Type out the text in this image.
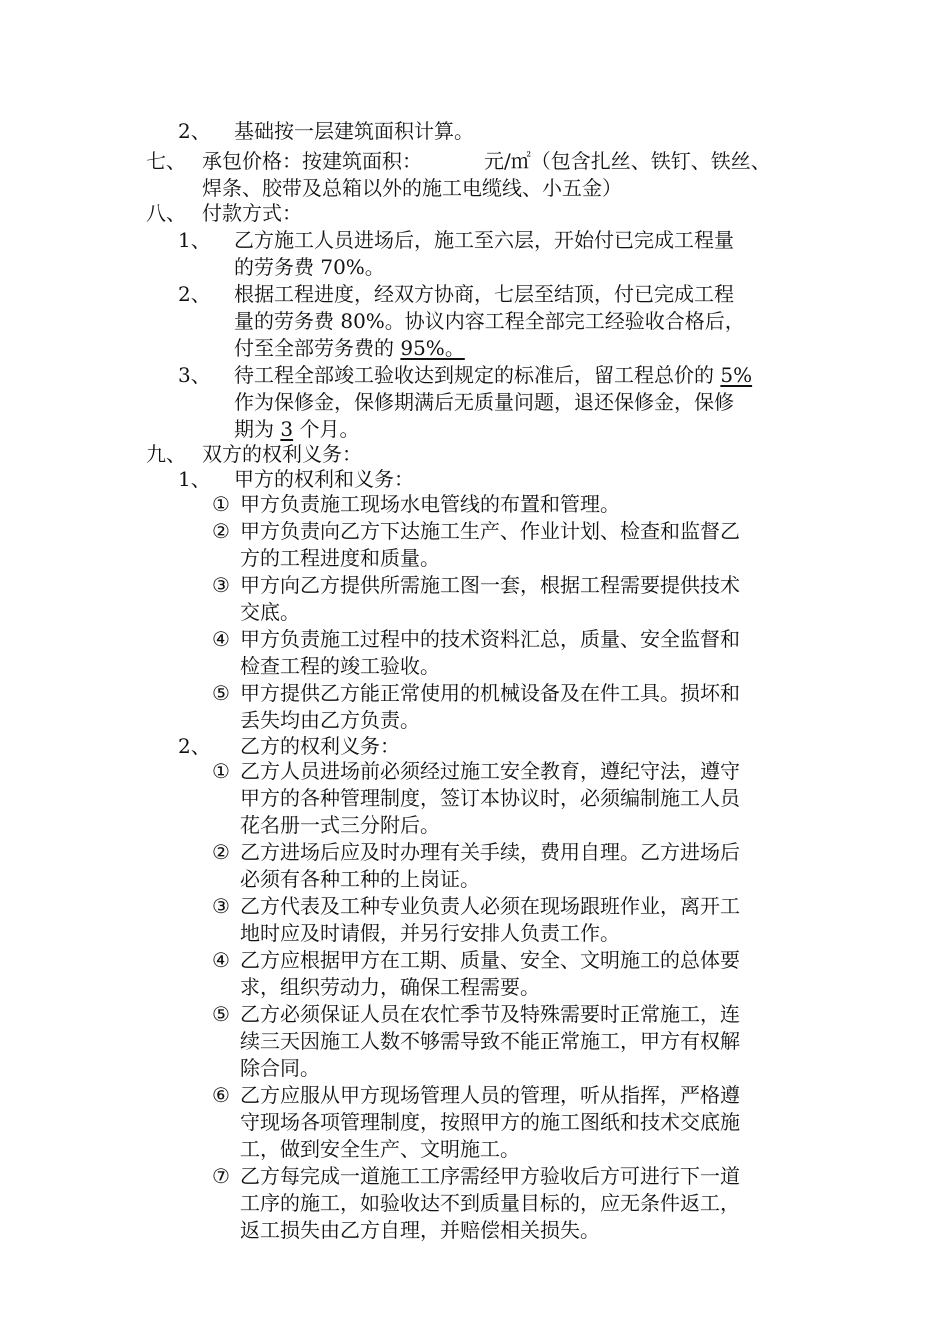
2、 基础按一层建筑面积计算。
七、 承包价格：按建筑面积：	元/㎡（包含扎丝、铁钉、铁丝、
焊条、胶带及总箱以外的施工电缆线、小五金）
八、 付款方式：
1、 乙方施工人员进场后，施工至六层，开始付已完成工程量
的劳务费 70%。
2、 根据工程进度，经双方协商，七层至结顶，付已完成工程
量的劳务费 80%。协议内容工程全部完工经验收合格后，
付至全部劳务费的 95%。
3、 待工程全部竣工验收达到规定的标准后，留工程总价的 5%
作为保修金，保修期满后无质量问题，退还保修金，保修
期为 3 个月。
九、 双方的权利义务：
1、 甲方的权利和义务：
① 甲方负责施工现场水电管线的布置和管理。
② 甲方负责向乙方下达施工生产、作业计划、检查和监督乙
方的工程进度和质量。
③ 甲方向乙方提供所需施工图一套，根据工程需要提供技术
交底。
④ 甲方负责施工过程中的技术资料汇总，质量、安全监督和
检查工程的竣工验收。
⑤ 甲方提供乙方能正常使用的机械设备及在件工具。损坏和
丢失均由乙方负责。
2、 乙方的权利义务：
① 乙方人员进场前必须经过施工安全教育，遵纪守法，遵守
甲方的各种管理制度，签订本协议时，必须编制施工人员
花名册一式三分附后。
② 乙方进场后应及时办理有关手续，费用自理。乙方进场后
必须有各种工种的上岗证。
③ 乙方代表及工种专业负责人必须在现场跟班作业，离开工
地时应及时请假，并另行安排人负责工作。
④ 乙方应根据甲方在工期、质量、安全、文明施工的总体要
求，组织劳动力，确保工程需要。
⑤ 乙方必须保证人员在农忙季节及特殊需要时正常施工，连
续三天因施工人数不够需导致不能正常施工，甲方有权解
除合同。
⑥ 乙方应服从甲方现场管理人员的管理，听从指挥，严格遵
守现场各项管理制度，按照甲方的施工图纸和技术交底施
工，做到安全生产、文明施工。
⑦ 乙方每完成一道施工工序需经甲方验收后方可进行下一道
工序的施工，如验收达不到质量目标的，应无条件返工，
返工损失由乙方自理，并赔偿相关损失。
